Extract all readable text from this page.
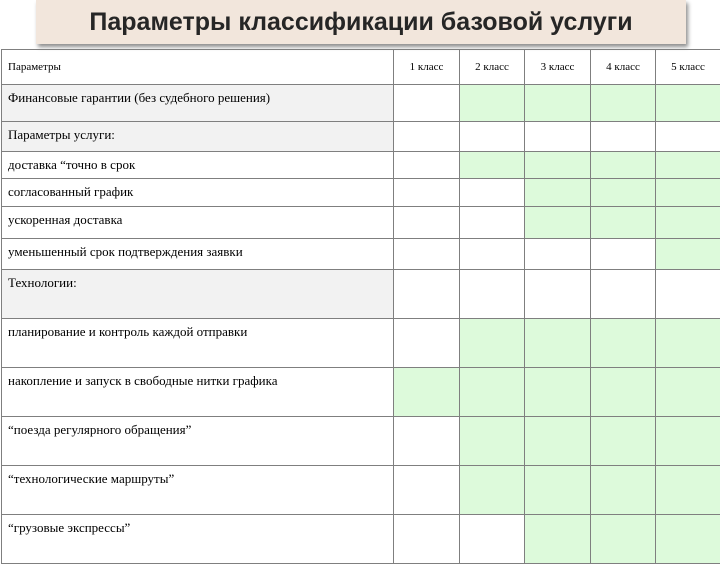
Параметры классификации базовой услуги
Параметры	1 класс	2 класс	3 класс	4 класс	5 класс
Финансовые гарантии (без судебного решения)					
Параметры услуги:					
доставка “точно в срок					
согласованный график					
ускоренная доставка					
уменьшенный срок подтверждения заявки					
Технологии:					
планирование и контроль каждой отправки					
накопление и запуск в свободные нитки графика					
“поезда регулярного обращения”					
“технологические маршруты”					
“грузовые экспрессы”					
